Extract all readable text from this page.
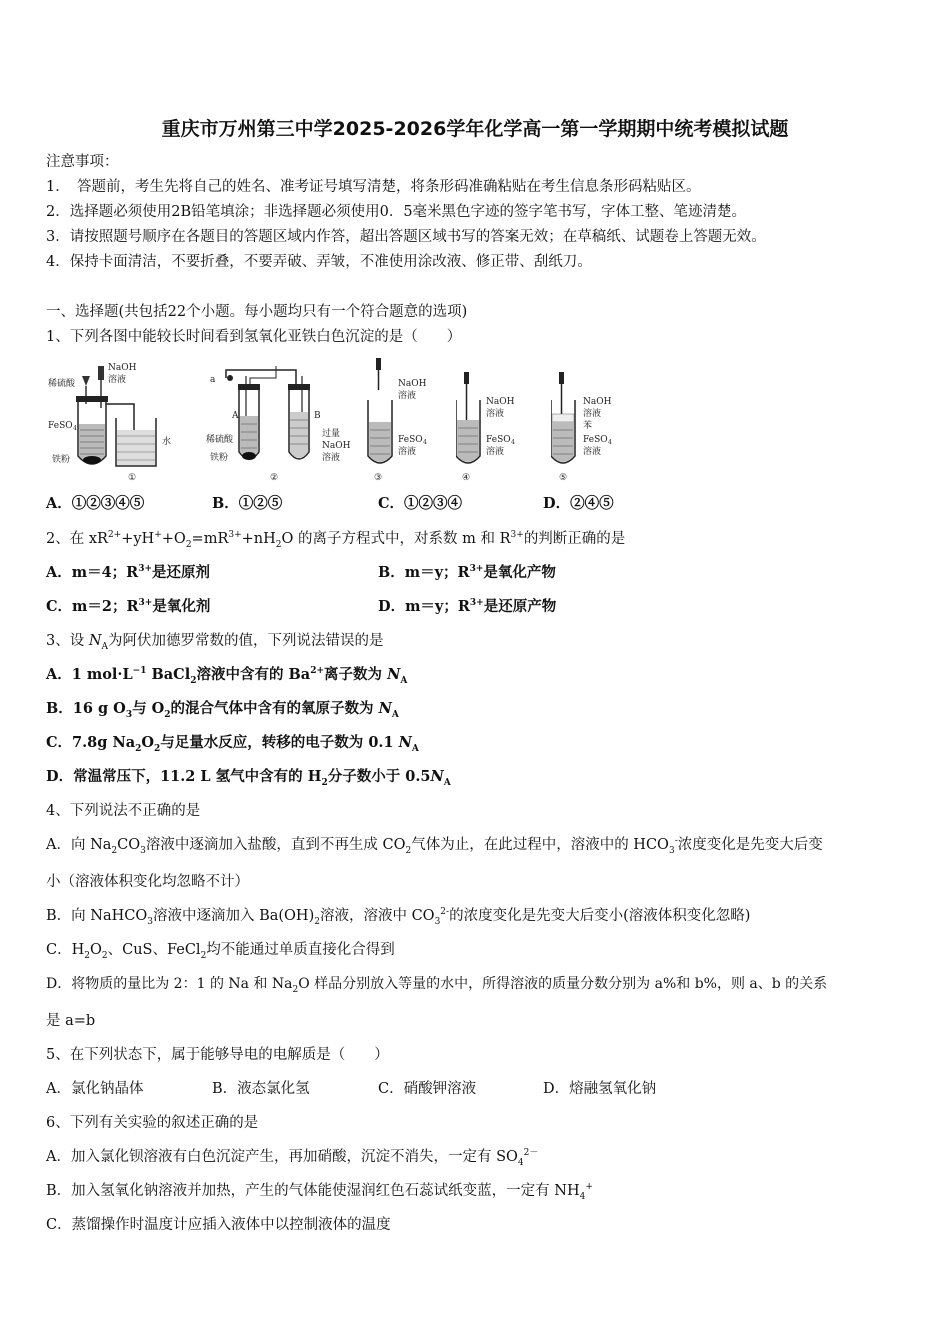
重庆市万州第三中学2025-2026学年化学高一第一学期期中统考模拟试题
注意事项：
1．　答题前，考生先将自己的姓名、准考证号填写清楚，将条形码准确粘贴在考生信息条形码粘贴区。
2．选择题必须使用2B铅笔填涂；非选择题必须使用0．5毫米黑色字迹的签字笔书写，字体工整、笔迹清楚。
3．请按照题号顺序在各题目的答题区域内作答，超出答题区域书写的答案无效；在草稿纸、试题卷上答题无效。
4．保持卡面清洁，不要折叠，不要弄破、弄皱，不准使用涂改液、修正带、刮纸刀。
一、选择题(共包括22个小题。每小题均只有一个符合题意的选项)
1、下列各图中能较长时间看到氢氧化亚铁白色沉淀的是（　　）
NaOH
溶液
稀硫酸
FeSO 4
铁粉
水
①
a
A	B
稀硫酸
铁粉
过量
NaOH
溶液
②
NaOH
溶液
FeSO 4
溶液
③
NaOH
溶液
FeSO 4
溶液
④
NaOH
溶液
苯
FeSO 4
溶液
⑤
A．①②③④⑤	B．①②⑤	C．①②③④	D．②④⑤
2、在 $xR^{2+}+yH^++O_2=mR^{3+}+nH_2O$ 的离子方程式中，对系数 m 和 $R^{3+}$的判断正确的是
A．m＝4；$R^{3+}$是还原剂	B．m＝y；$R^{3+}$是氧化产物
C．m＝2；$R^{3+}$是氧化剂	D．m＝y；$R^{3+}$是还原产物
3、设 $N_A$为阿伏加德罗常数的值，下列说法错误的是
A．1 $mol\cdot L^{-1}$ BaCl$_2$溶液中含有的 $Ba^{2+}$离子数为 $N_A$
B．16 g $O_3$与 $O_2$的混合气体中含有的氧原子数为 $N_A$
C．7.8g $Na_2O_2$与足量水反应，转移的电子数为 0.1 $N_A$
D．常温常压下，11.2 L 氢气中含有的 $H_2$分子数小于 $0.5N_A$
4、下列说法不正确的是
A．向 $Na_2CO_3$溶液中逐滴加入盐酸，直到不再生成 $CO_2$气体为止，在此过程中，溶液中的 $HCO_3^-$浓度变化是先变大后变
小（溶液体积变化均忽略不计）
B．向 NaHCO$_3$溶液中逐滴加入 $Ba(OH)_2$溶液，溶液中 $CO_3^{2-}$的浓度变化是先变大后变小(溶液体积变化忽略)
C．$H_2O_2$、CuS、FeCl$_2$均不能通过单质直接化合得到
D．将物质的量比为 2：1 的 Na 和 $Na_2O$ 样品分别放入等量的水中，所得溶液的质量分数分别为 a%和 b%，则 a、b 的关系
是 a=b
5、在下列状态下，属于能够导电的电解质是（　　）
A．氯化钠晶体	B．液态氯化氢	C．硝酸钾溶液	D．熔融氢氧化钠
6、下列有关实验的叙述正确的是
A．加入氯化钡溶液有白色沉淀产生，再加硝酸，沉淀不消失，一定有 $SO_4^{2-}$
B．加入氢氧化钠溶液并加热，产生的气体能使湿润红色石蕊试纸变蓝，一定有 $NH_4^+$
C．蒸馏操作时温度计应插入液体中以控制液体的温度
